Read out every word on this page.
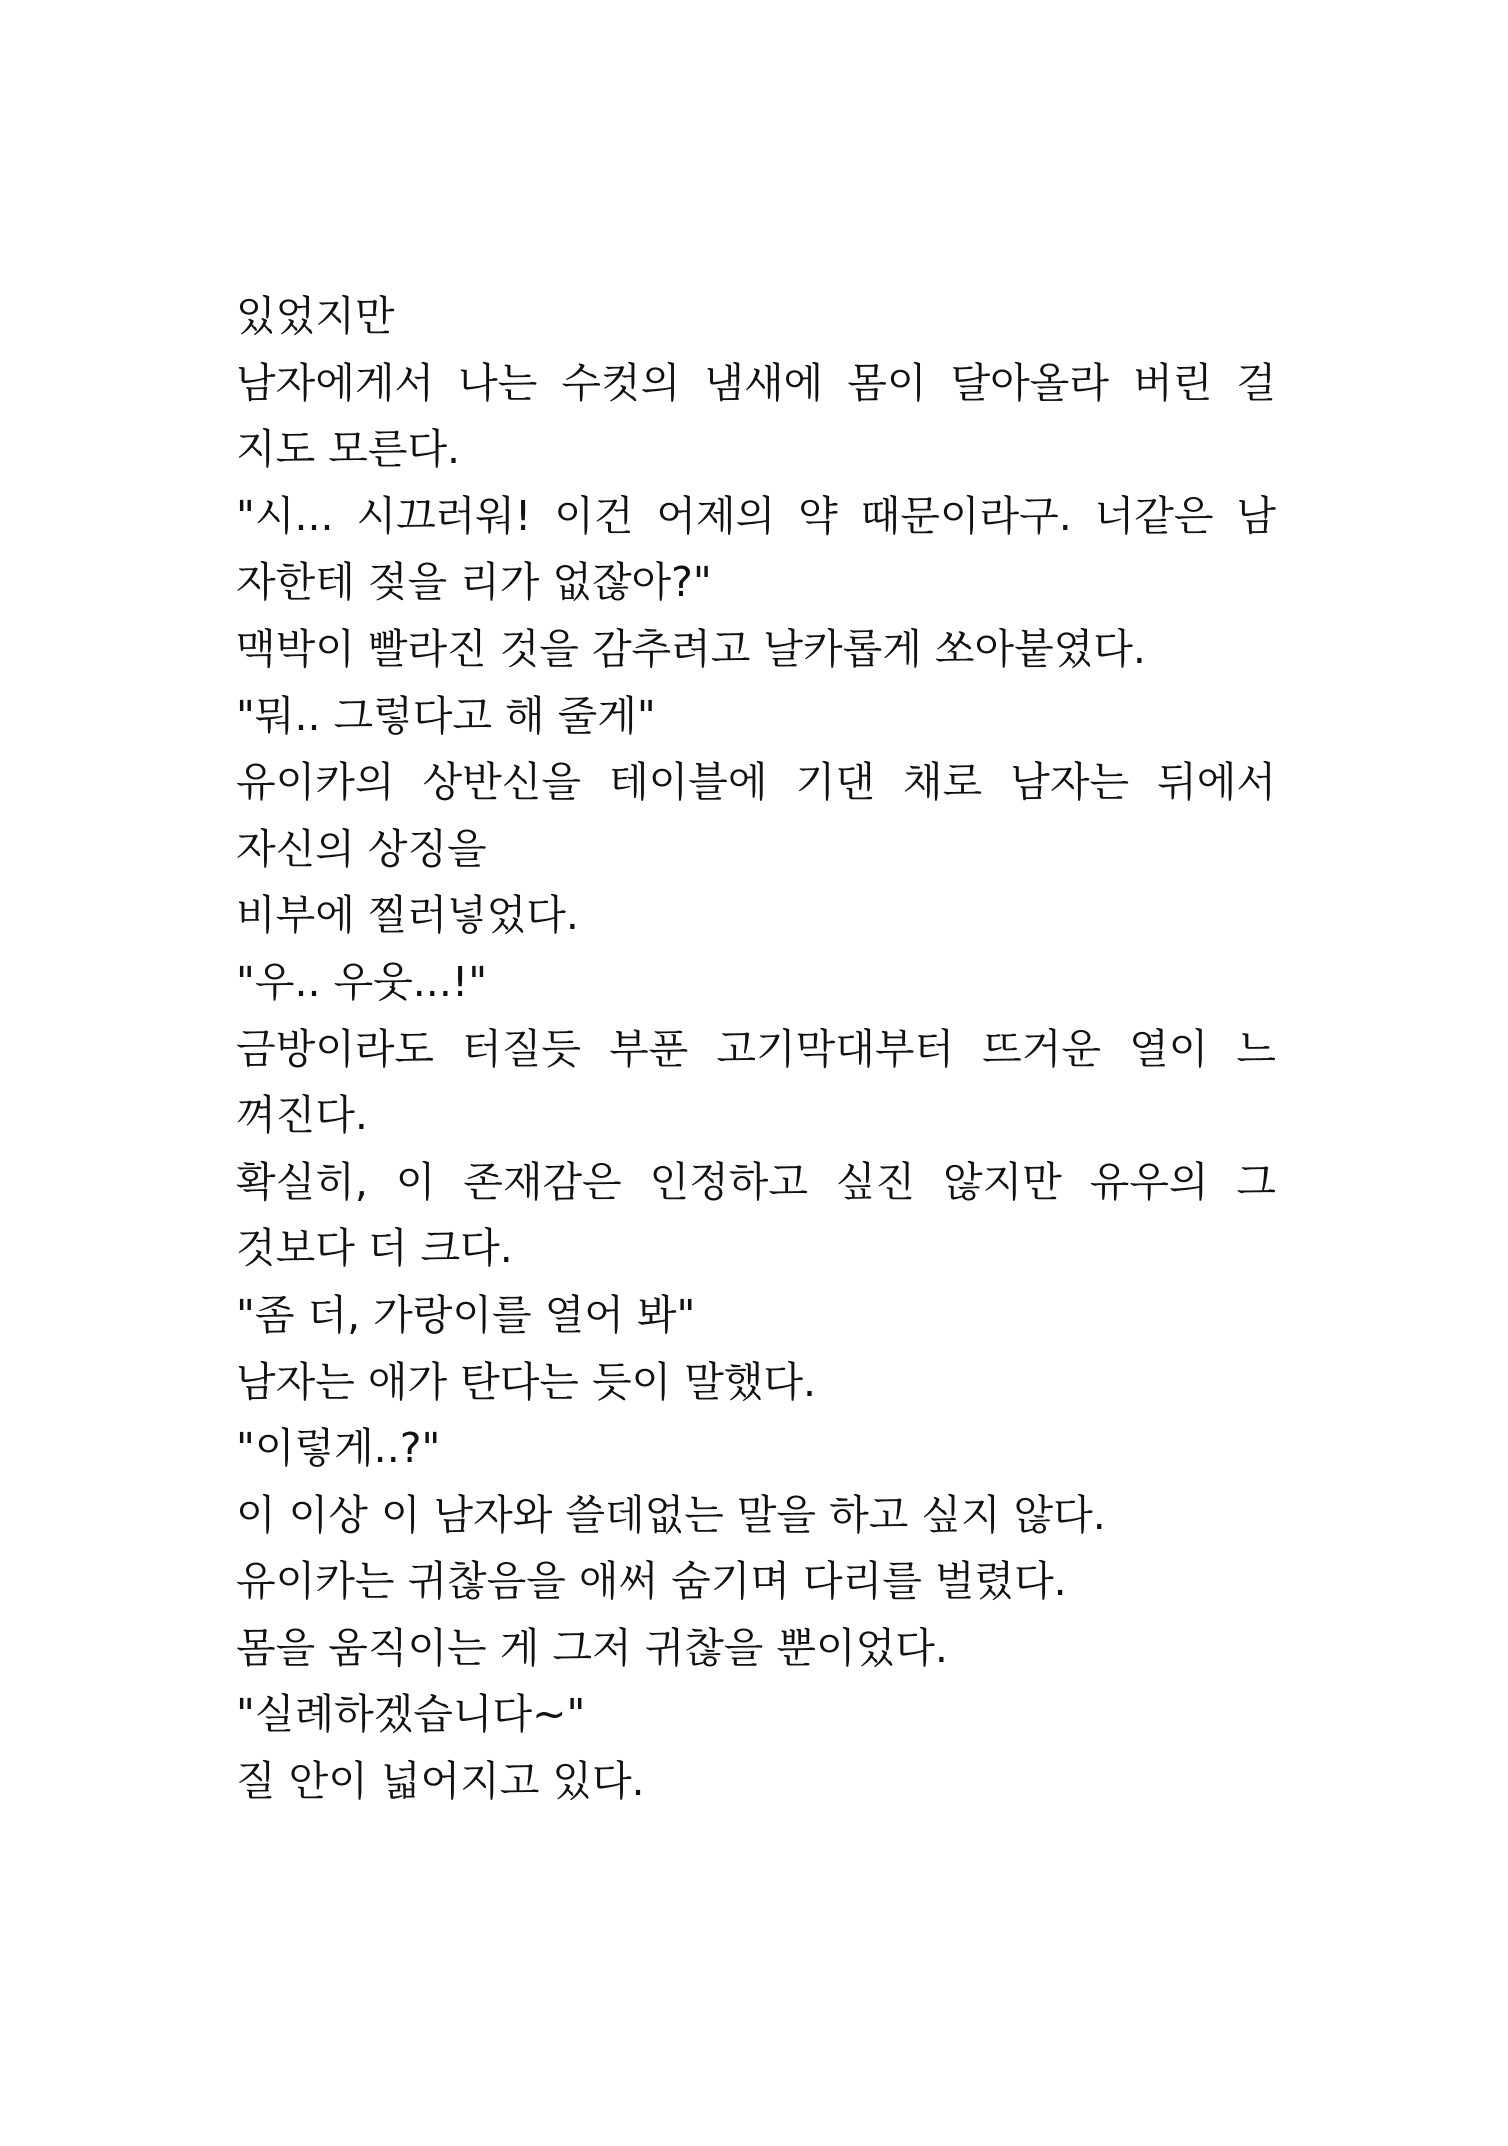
있었지만
남자에게서 나는 수컷의 냄새에 몸이 달아올라 버린 걸
지도 모른다.
"시... 시끄러워! 이건 어제의 약 때문이라구. 너같은 남
자한테 젖을 리가 없잖아?"
맥박이 빨라진 것을 감추려고 날카롭게 쏘아붙였다.
"뭐.. 그렇다고 해 줄게"
유이카의 상반신을 테이블에 기댄 채로 남자는 뒤에서
자신의 상징을
비부에 찔러넣었다.
"우.. 우웃...!"
금방이라도 터질듯 부푼 고기막대부터 뜨거운 열이 느
껴진다.
확실히, 이 존재감은 인정하고 싶진 않지만 유우의 그
것보다 더 크다.
"좀 더, 가랑이를 열어 봐"
남자는 애가 탄다는 듯이 말했다.
"이렇게..?"
이 이상 이 남자와 쓸데없는 말을 하고 싶지 않다.
유이카는 귀찮음을 애써 숨기며 다리를 벌렸다.
몸을 움직이는 게 그저 귀찮을 뿐이었다.
"실례하겠습니다~"
질 안이 넓어지고 있다.
